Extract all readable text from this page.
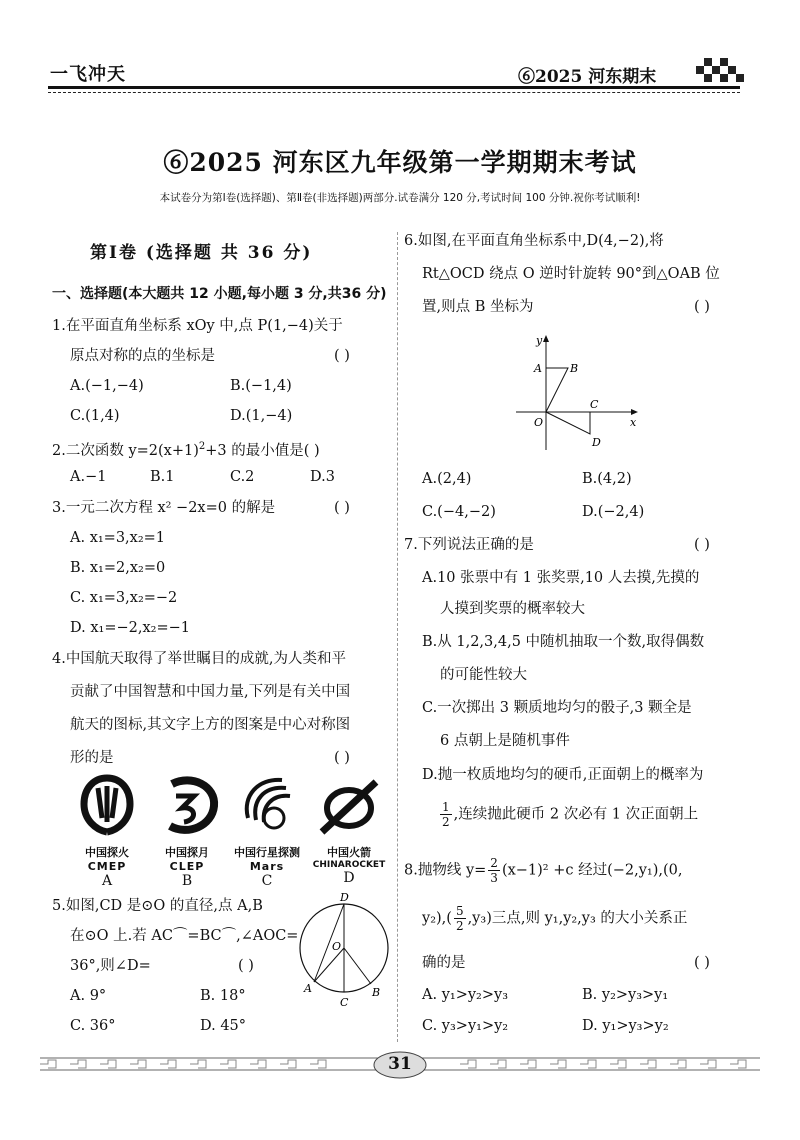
一飞冲天	⑥2025 河东期末
⑥2025 河东区九年级第一学期期末考试
本试卷分为第Ⅰ卷(选择题)、第Ⅱ卷(非选择题)两部分.试卷满分 120 分,考试时间 100 分钟.祝你考试顺利!
第Ⅰ卷 (选择题 共 36 分)
一、选择题(本大题共 12 小题,每小题 3 分,共36 分)
1.在平面直角坐标系 xOy 中,点 P(1,−4)关于
原点对称的点的坐标是	( )
A.(−1,−4)	B.(−1,4)
C.(1,4)	D.(1,−4)
2.二次函数 $y=2(x+1)^2+3$ 的最小值是( )
A.−1	B.1	C.2	D.3
3.一元二次方程 x² −2x=0 的解是	( )
A. x₁=3,x₂=1
B. x₁=2,x₂=0
C. x₁=3,x₂=−2
D. x₁=−2,x₂=−1
4.中国航天取得了举世瞩目的成就,为人类和平
贡献了中国智慧和中国力量,下列是有关中国
航天的图标,其文字上方的图案是中心对称图
形的是	( )
中国探火
CMEP
A
中国探月
CLEP
B
中国行星探测
Mars
C
中国火箭
CHINAROCKET
D
5.如图,CD 是⊙O 的直径,点 A,B
在⊙O 上.若 AC⌒=BC⌒,∠AOC=
36°,则∠D=	( )
A. 9°	B. 18°
C. 36°	D. 45°
D
O
A	B
C
6.如图,在平面直角坐标系中,D(4,−2),将
Rt△OCD 绕点 O 逆时针旋转 90°到△OAB 位
置,则点 B 坐标为	( )
y
x
O
A	B
C
D
A.(2,4)	B.(4,2)
C.(−4,−2)	D.(−2,4)
7.下列说法正确的是	( )
A.10 张票中有 1 张奖票,10 人去摸,先摸的
人摸到奖票的概率较大
B.从 1,2,3,4,5 中随机抽取一个数,取得偶数
的可能性较大
C.一次掷出 3 颗质地均匀的骰子,3 颗全是
6 点朝上是随机事件
D.抛一枚质地均匀的硬币,正面朝上的概率为
$\frac{1}{2}$ ,连续抛此硬币 2 次必有 1 次正面朝上
8.抛物线 $y= \frac{2}{3} (x-1)^2 +c$ 经过(−2,y₁),(0,
$y_2),( \frac{5}{2} ,y_3)$三点,则 y₁,y₂,y₃ 的大小关系正
确的是	( )
A. y₁>y₂>y₃	B. y₂>y₃>y₁
C. y₃>y₁>y₂	D. y₁>y₃>y₂
31
